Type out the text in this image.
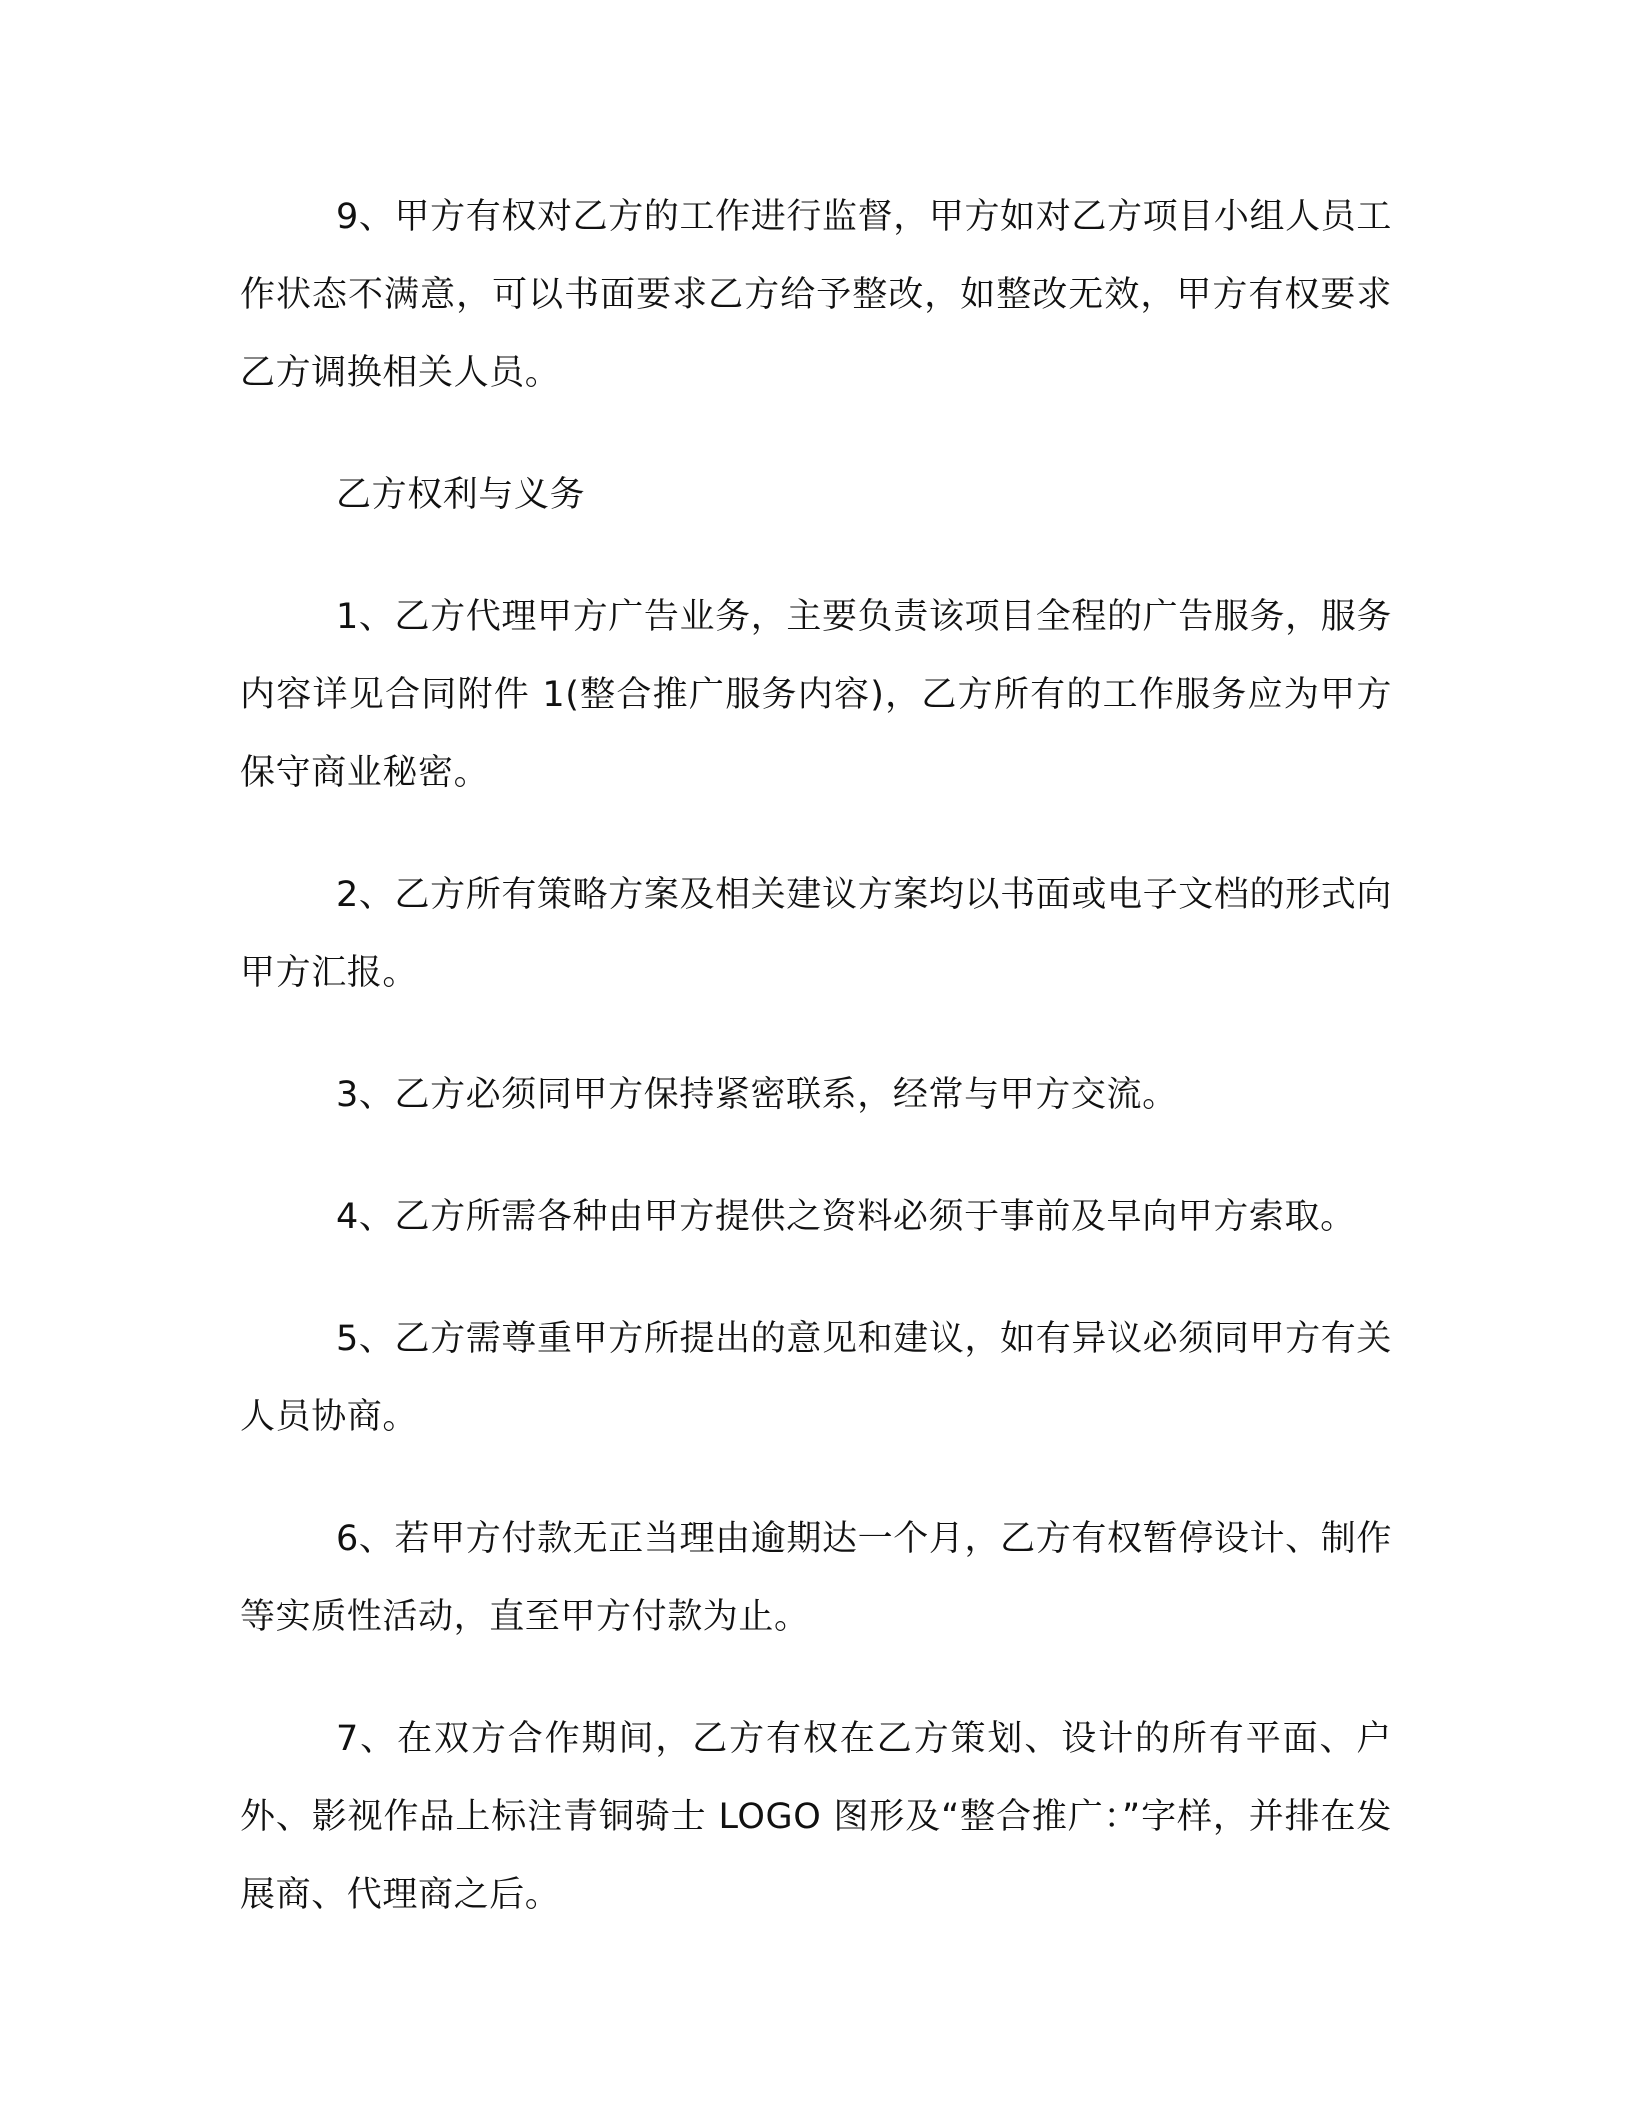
9、甲方有权对乙方的工作进行监督，甲方如对乙方项目小组人员工作状态不满意，可以书面要求乙方给予整改，如整改无效，甲方有权要求乙方调换相关人员。

乙方权利与义务

1、乙方代理甲方广告业务，主要负责该项目全程的广告服务，服务内容详见合同附件 1(整合推广服务内容)，乙方所有的工作服务应为甲方保守商业秘密。

2、乙方所有策略方案及相关建议方案均以书面或电子文档的形式向甲方汇报。

3、乙方必须同甲方保持紧密联系，经常与甲方交流。

4、乙方所需各种由甲方提供之资料必须于事前及早向甲方索取。

5、乙方需尊重甲方所提出的意见和建议，如有异议必须同甲方有关人员协商。

6、若甲方付款无正当理由逾期达一个月，乙方有权暂停设计、制作等实质性活动，直至甲方付款为止。

7、在双方合作期间，乙方有权在乙方策划、设计的所有平面、户外、影视作品上标注青铜骑士 LOGO 图形及“整合推广：”字样，并排在发展商、代理商之后。
